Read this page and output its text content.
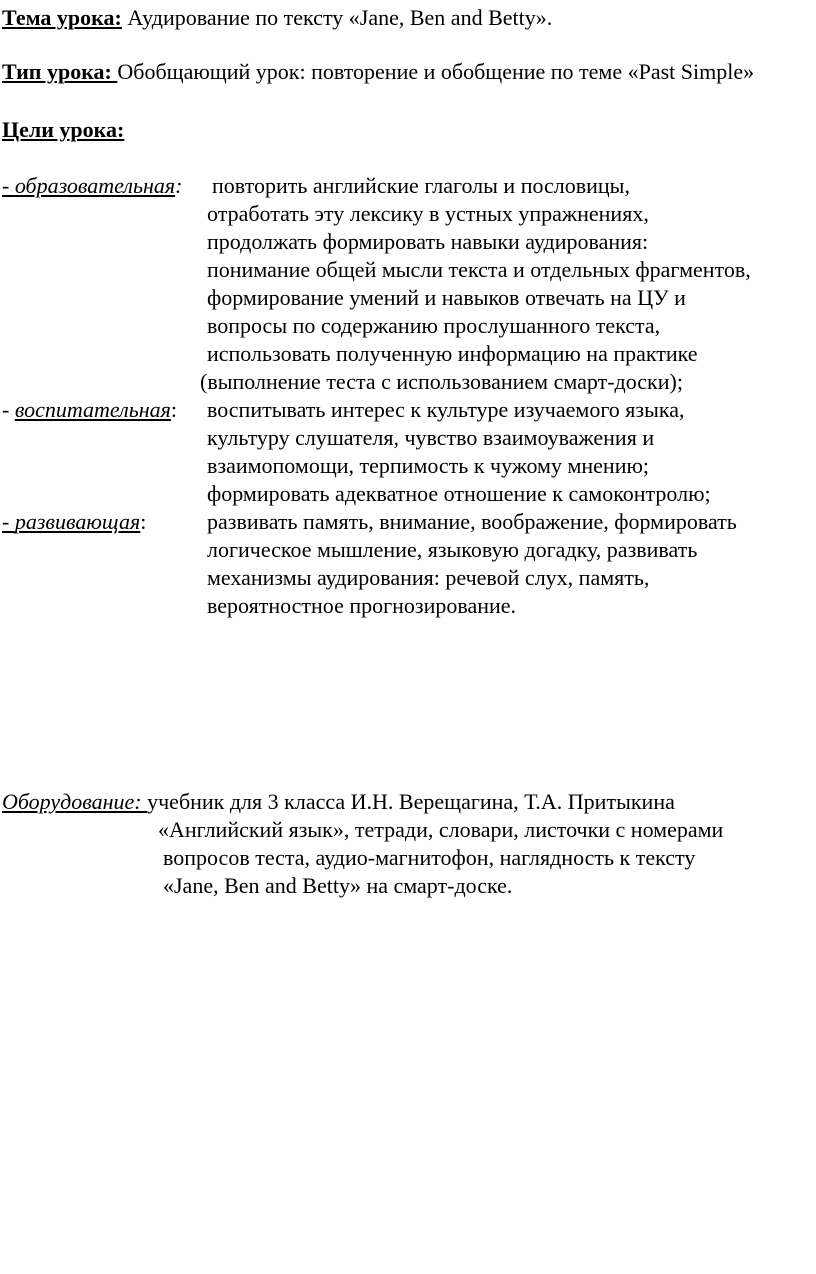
Тема урока: Аудирование по тексту «Jane, Ben and Betty».
Тип урока: Обобщающий урок: повторение и обобщение по теме «Past Simple»
Цели урока:
- образовательная: повторить английские глаголы и пословицы,
отработать эту лексику в устных упражнениях,
продолжать формировать навыки аудирования:
понимание общей мысли текста и отдельных фрагментов,
формирование умений и навыков отвечать на ЦУ и
вопросы по содержанию прослушанного текста,
использовать полученную информацию на практике
(выполнение теста с использованием смарт-доски);
- воспитательная: воспитывать интерес к культуре изучаемого языка,
культуру слушателя, чувство взаимоуважения и
взаимопомощи, терпимость к чужому мнению;
формировать адекватное отношение к самоконтролю;
- развивающая:	развивать память, внимание, воображение, формировать
логическое мышление, языковую догадку, развивать
механизмы аудирования: речевой слух, память,
вероятностное прогнозирование.
Оборудование: учебник для 3 класса И.Н. Верещагина, Т.А. Притыкина
«Английский язык», тетради, словари, листочки с номерами
вопросов теста, аудио-магнитофон, наглядность к тексту
«Jane, Ben and Betty» на смарт-доске.
